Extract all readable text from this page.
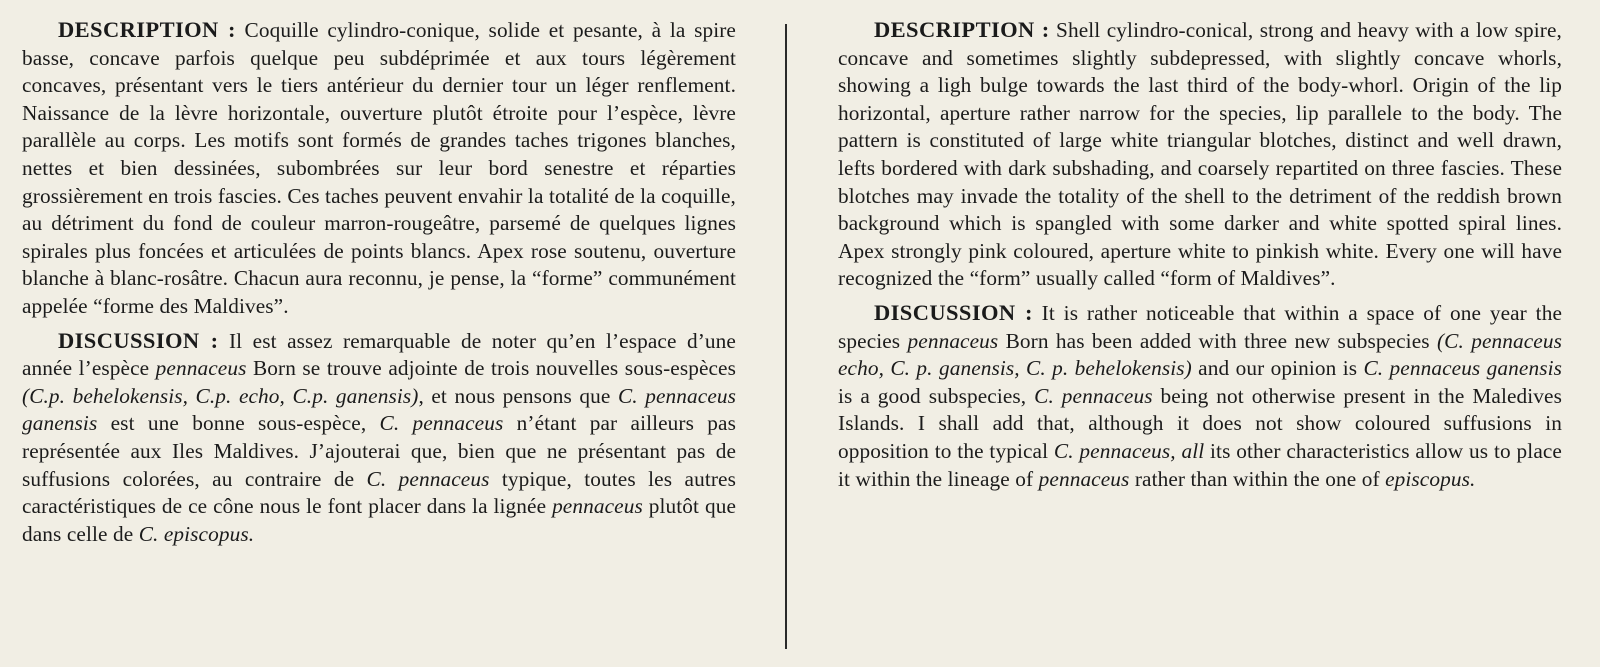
DESCRIPTION : Coquille cylindro-conique, solide et pesante, à la spire basse, concave parfois quelque peu subdéprimée et aux tours légèrement concaves, présentant vers le tiers antérieur du dernier tour un léger renflement. Naissance de la lèvre horizontale, ouverture plutôt étroite pour l’espèce, lèvre parallèle au corps. Les motifs sont formés de grandes taches trigones blanches, nettes et bien dessinées, subombrées sur leur bord senestre et réparties grossièrement en trois fascies. Ces taches peuvent envahir la totalité de la coquille, au détriment du fond de couleur marron-rougeâtre, parsemé de quelques lignes spirales plus foncées et articulées de points blancs. Apex rose soutenu, ouverture blanche à blanc-rosâtre. Chacun aura reconnu, je pense, la “forme” communément appelée “forme des Maldives”.

DISCUSSION : Il est assez remarquable de noter qu’en l’espace d’une année l’espèce pennaceus Born se trouve adjointe de trois nouvelles sous-espèces (C.p. behelokensis, C.p. echo, C.p. ganensis), et nous pensons que C. pennaceus ganensis est une bonne sous-espèce, C. pennaceus n’étant par ailleurs pas représentée aux Iles Maldives. J’ajouterai que, bien que ne présentant pas de suffusions colorées, au contraire de C. pennaceus typique, toutes les autres caractéristiques de ce cône nous le font placer dans la lignée pennaceus plutôt que dans celle de C. episcopus.

DESCRIPTION : Shell cylindro-conical, strong and heavy with a low spire, concave and sometimes slightly subdepressed, with slightly concave whorls, showing a ligh bulge towards the last third of the body-whorl. Origin of the lip horizontal, aperture rather narrow for the species, lip parallele to the body. The pattern is constituted of large white triangular blotches, distinct and well drawn, lefts bordered with dark subshading, and coarsely repartited on three fascies. These blotches may invade the totality of the shell to the detriment of the reddish brown background which is spangled with some darker and white spotted spiral lines. Apex strongly pink coloured, aperture white to pinkish white. Every one will have recognized the “form” usually called “form of Maldives”.

DISCUSSION : It is rather noticeable that within a space of one year the species pennaceus Born has been added with three new subspecies (C. pennaceus echo, C. p. ganensis, C. p. behelokensis) and our opinion is C. pennaceus ganensis is a good subspecies, C. pennaceus being not otherwise present in the Maledives Islands. I shall add that, although it does not show coloured suffusions in opposition to the typical C. pennaceus, all its other characteristics allow us to place it within the lineage of pennaceus rather than within the one of episcopus.
